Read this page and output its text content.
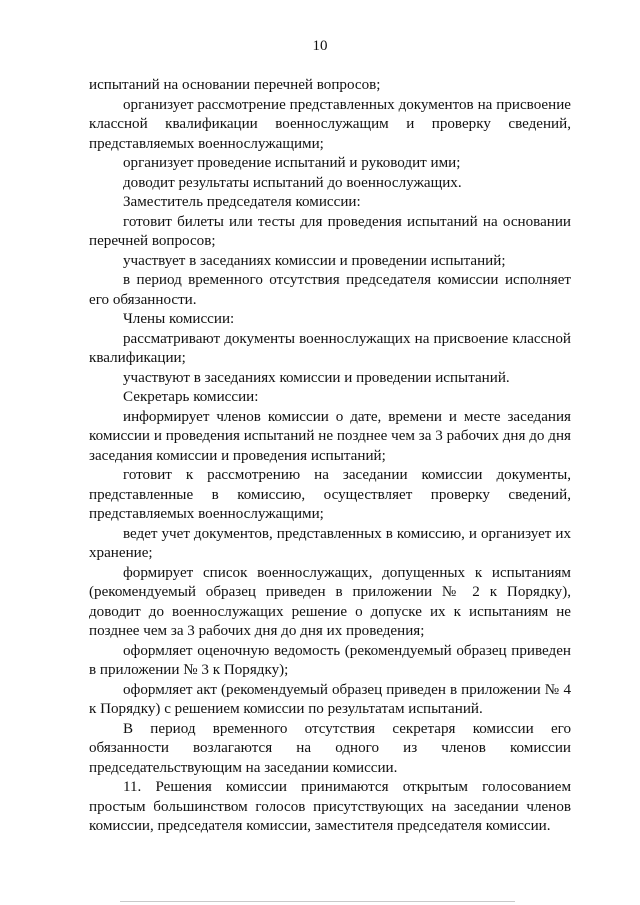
10

испытаний на основании перечней вопросов;

организует рассмотрение представленных документов на присвоение классной квалификации военнослужащим и проверку сведений, представляемых военнослужащими;

организует проведение испытаний и руководит ими;

доводит результаты испытаний до военнослужащих.

Заместитель председателя комиссии:

готовит билеты или тесты для проведения испытаний на основании перечней вопросов;

участвует в заседаниях комиссии и проведении испытаний;

в период временного отсутствия председателя комиссии исполняет его обязанности.

Члены комиссии:

рассматривают документы военнослужащих на присвоение классной квалификации;

участвуют в заседаниях комиссии и проведении испытаний.

Секретарь комиссии:

информирует членов комиссии о дате, времени и месте заседания комиссии и проведения испытаний не позднее чем за 3 рабочих дня до дня заседания комиссии и проведения испытаний;

готовит к рассмотрению на заседании комиссии документы, представленные в комиссию, осуществляет проверку сведений, представляемых военнослужащими;

ведет учет документов, представленных в комиссию, и организует их хранение;

формирует список военнослужащих, допущенных к испытаниям (рекомендуемый образец приведен в приложении № 2 к Порядку), доводит до военнослужащих решение о допуске их к испытаниям не позднее чем за 3 рабочих дня до дня их проведения;

оформляет оценочную ведомость (рекомендуемый образец приведен в приложении № 3 к Порядку);

оформляет акт (рекомендуемый образец приведен в приложении № 4 к Порядку) с решением комиссии по результатам испытаний.

В период временного отсутствия секретаря комиссии его обязанности возлагаются на одного из членов комиссии председательствующим на заседании комиссии.

11. Решения комиссии принимаются открытым голосованием простым большинством голосов присутствующих на заседании членов комиссии, председателя комиссии, заместителя председателя комиссии.
